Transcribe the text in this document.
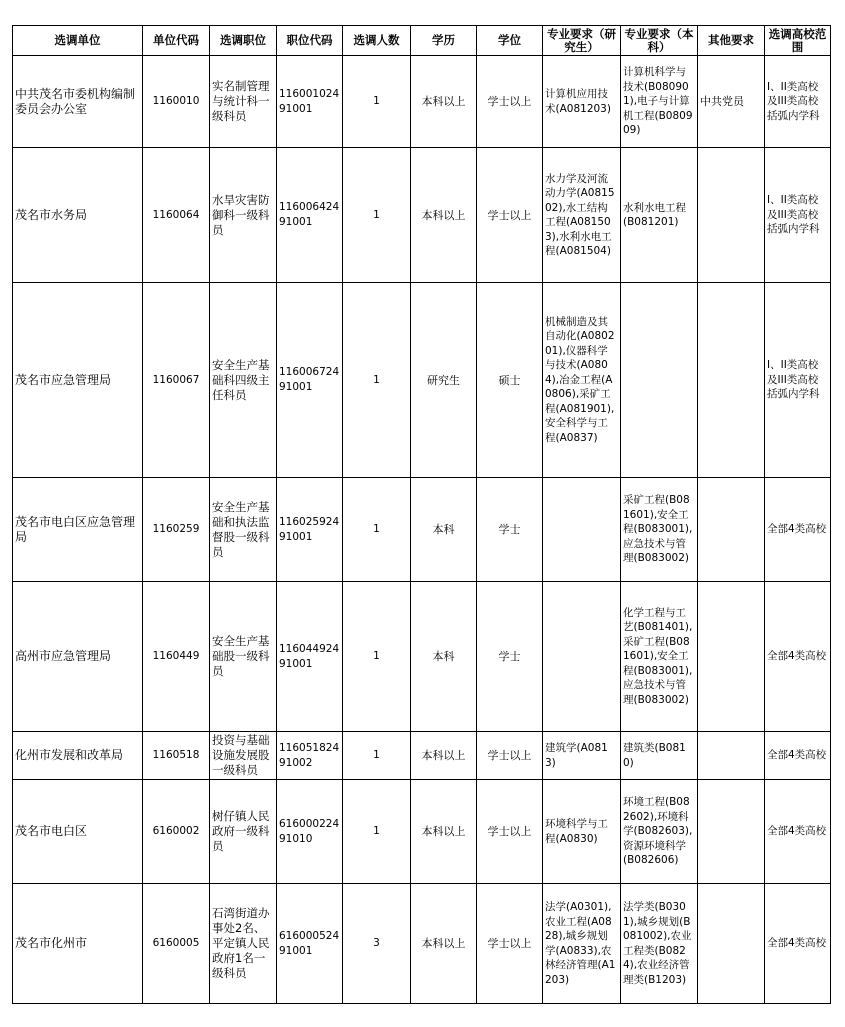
选调单位	单位代码	选调职位	职位代码	选调人数	学历	学位	专业要求（研究生）	专业要求（本科）	其他要求	选调高校范围
中共茂名市委机构编制委员会办公室	1160010	实名制管理与统计科一级科员	11600102491001	1	本科以上	学士以上	计算机应用技术(A081203)	计算机科学与技术(B080901),电子与计算机工程(B080909)	中共党员	I、II类高校及III类高校括弧内学科
茂名市水务局	1160064	水旱灾害防御科一级科员	11600642491001	1	本科以上	学士以上	水力学及河流动力学(A081502),水工结构工程(A081503),水利水电工程(A081504)	水利水电工程(B081201)		I、II类高校及III类高校括弧内学科
茂名市应急管理局	1160067	安全生产基础科四级主任科员	11600672491001	1	研究生	硕士	机械制造及其自动化(A080201),仪器科学与技术(A0804),冶金工程(A0806),采矿工程(A081901),安全科学与工程(A0837)			I、II类高校及III类高校括弧内学科
茂名市电白区应急管理局	1160259	安全生产基础和执法监督股一级科员	11602592491001	1	本科	学士		采矿工程(B081601),安全工程(B083001),应急技术与管理(B083002)		全部4类高校
高州市应急管理局	1160449	安全生产基础股一级科员	11604492491001	1	本科	学士		化学工程与工艺(B081401),采矿工程(B081601),安全工程(B083001),应急技术与管理(B083002)		全部4类高校
化州市发展和改革局	1160518	投资与基础设施发展股一级科员	11605182491002	1	本科以上	学士以上	建筑学(A0813)	建筑类(B0810)		全部4类高校
茂名市电白区	6160002	树仔镇人民政府一级科员	61600022491010	1	本科以上	学士以上	环境科学与工程(A0830)	环境工程(B082602),环境科学(B082603),资源环境科学(B082606)		全部4类高校
茂名市化州市	6160005	石湾街道办事处2名、平定镇人民政府1名一级科员	61600052491001	3	本科以上	学士以上	法学(A0301),农业工程(A0828),城乡规划学(A0833),农林经济管理(A1203)	法学类(B0301),城乡规划(B081002),农业工程类(B0824),农业经济管理类(B1203)		全部4类高校
